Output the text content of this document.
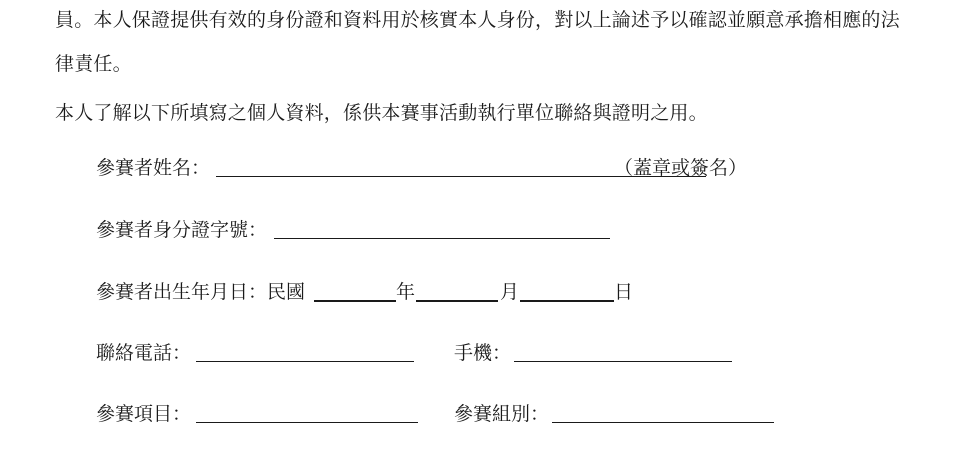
員。本人保證提供有效的身份證和資料用於核實本人身份，對以上論述予以確認並願意承擔相應的法
律責任。
本人了解以下所填寫之個人資料，係供本賽事活動執行單位聯絡與證明之用。
參賽者姓名：	（蓋章或簽名）
參賽者身分證字號：
參賽者出生年月日：民國	年	月	日
聯絡電話：	手機：
參賽項目：	參賽組別：
